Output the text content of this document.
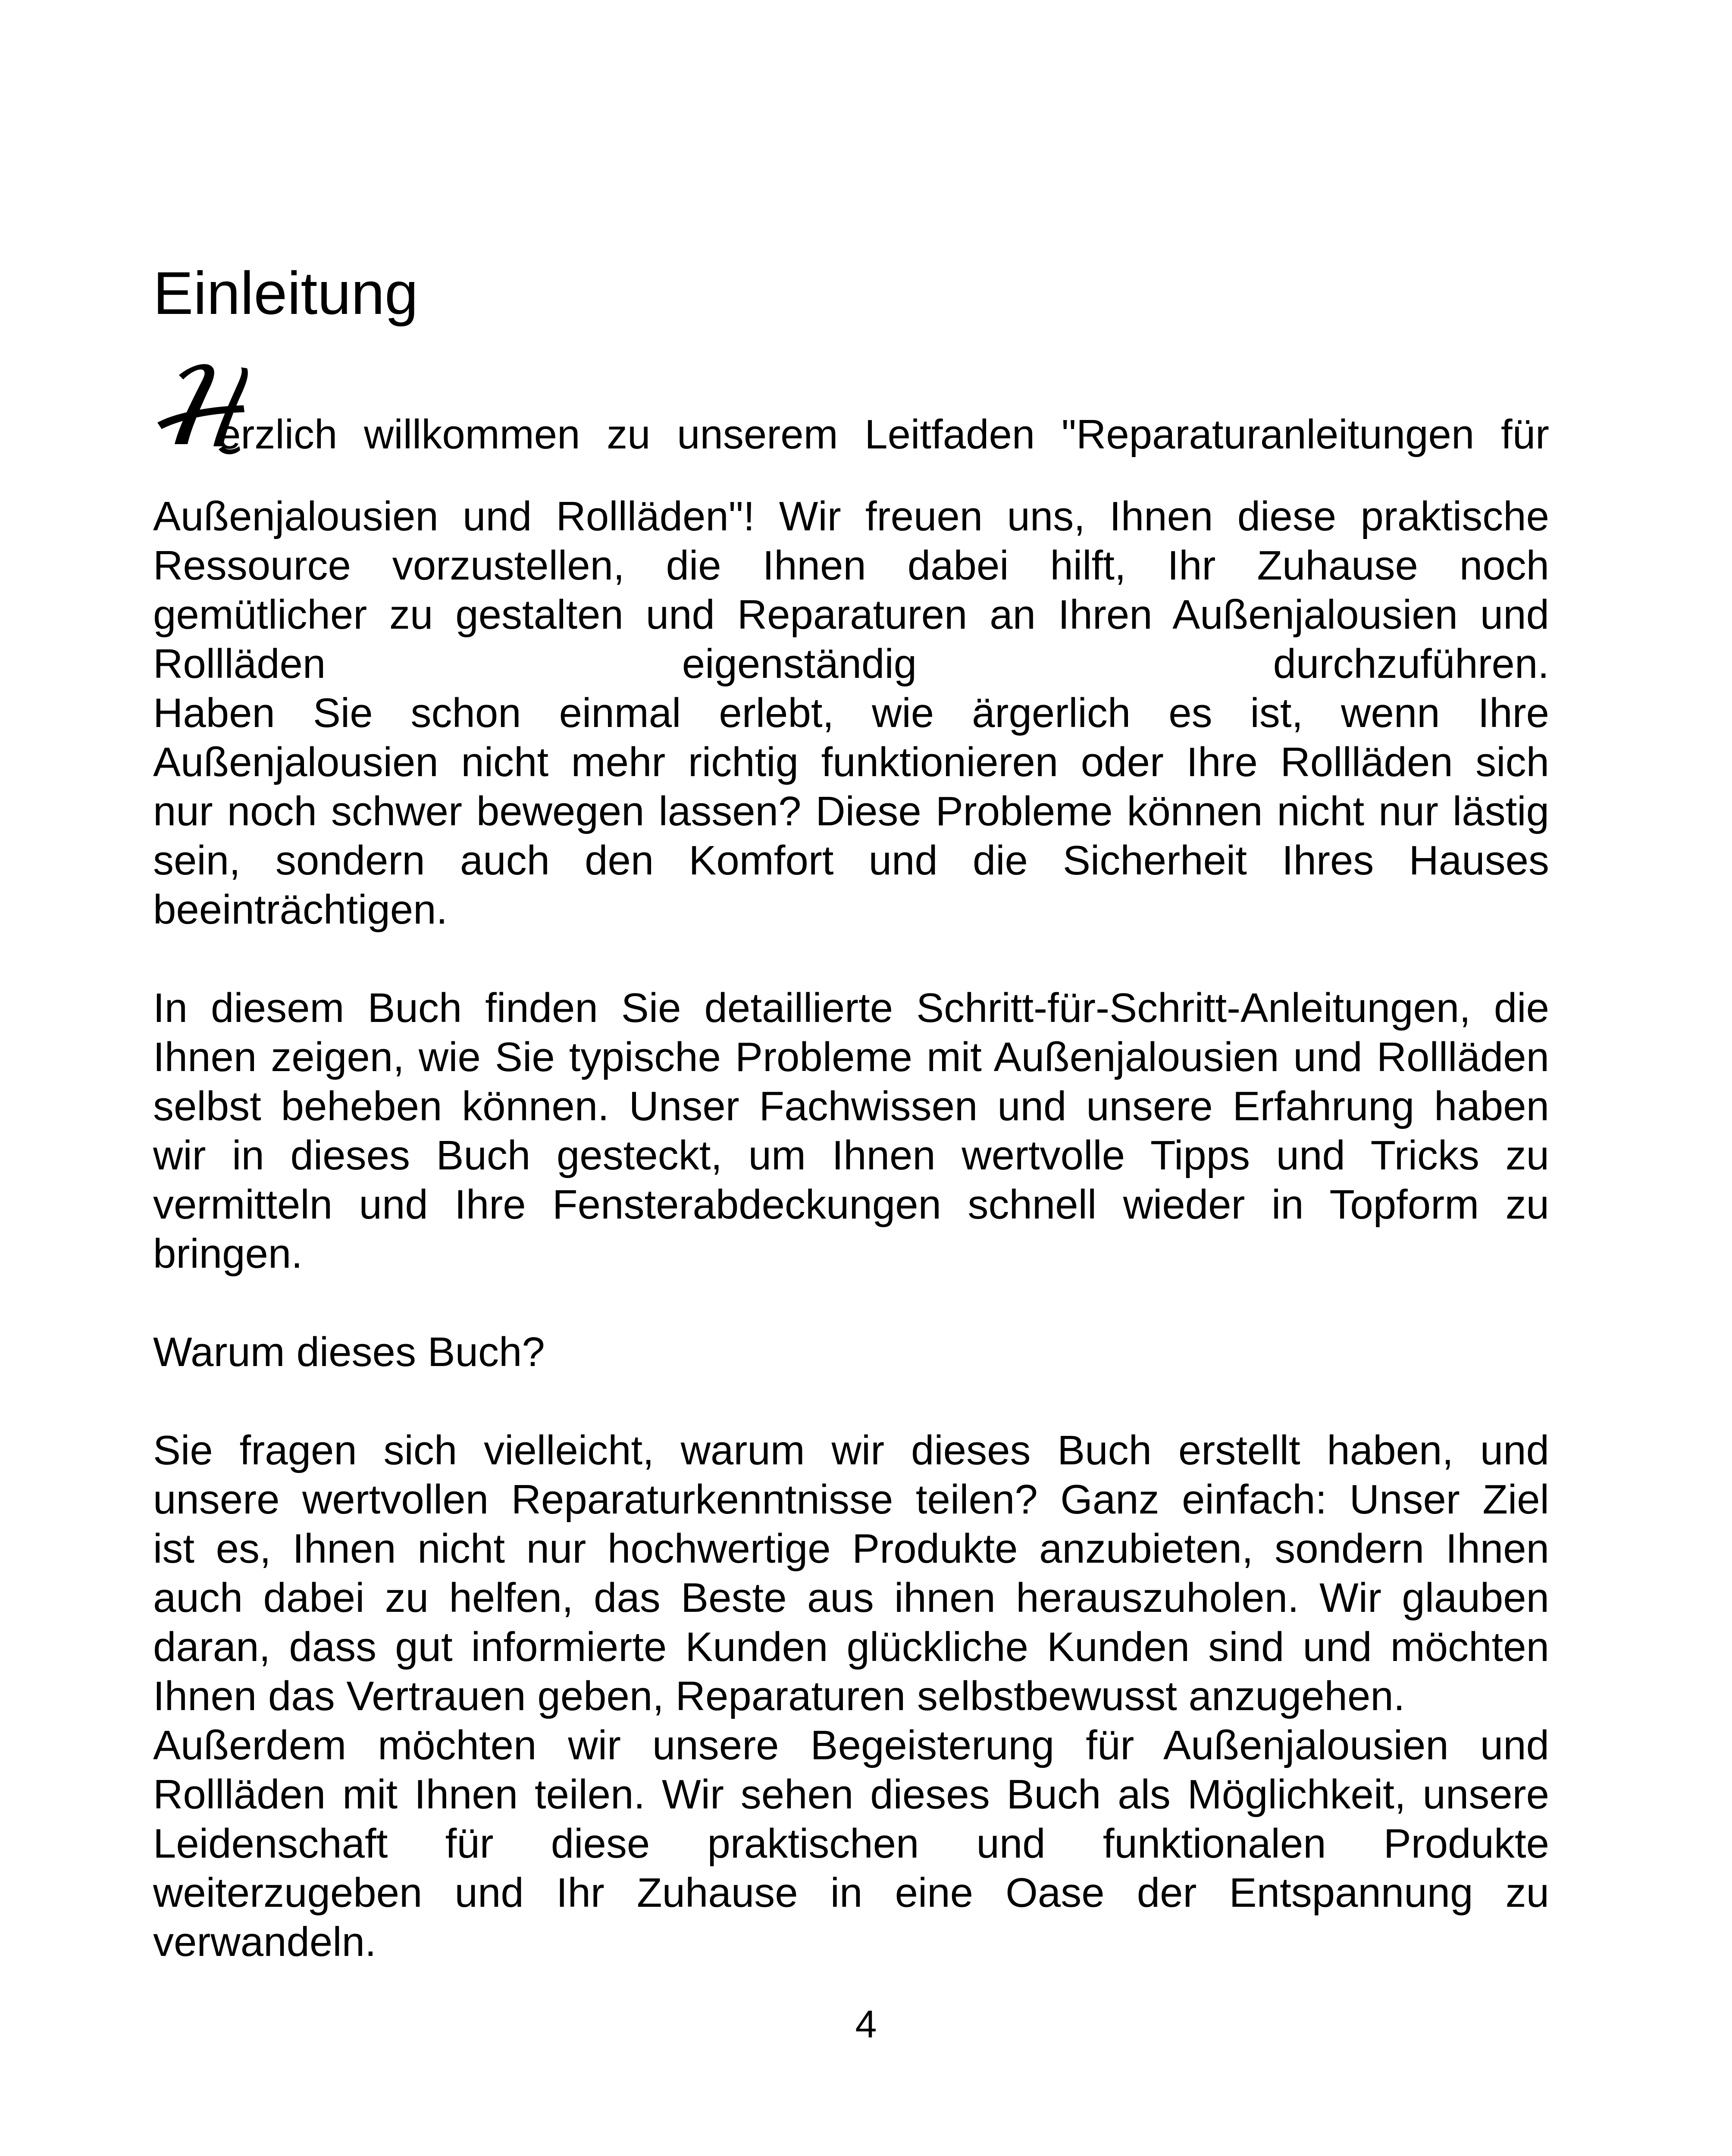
Einleitung
erzlich willkommen zu unserem Leitfaden "Reparaturanleitungen für
Außenjalousien und Rollläden"! Wir freuen uns, Ihnen diese praktische
Ressource vorzustellen, die Ihnen dabei hilft, Ihr Zuhause noch
gemütlicher zu gestalten und Reparaturen an Ihren Außenjalousien und
Rollläden eigenständig durchzuführen.
Haben Sie schon einmal erlebt, wie ärgerlich es ist, wenn Ihre
Außenjalousien nicht mehr richtig funktionieren oder Ihre Rollläden sich
nur noch schwer bewegen lassen? Diese Probleme können nicht nur lästig
sein, sondern auch den Komfort und die Sicherheit Ihres Hauses
beeinträchtigen.
In diesem Buch finden Sie detaillierte Schritt-für-Schritt-Anleitungen, die
Ihnen zeigen, wie Sie typische Probleme mit Außenjalousien und Rollläden
selbst beheben können. Unser Fachwissen und unsere Erfahrung haben
wir in dieses Buch gesteckt, um Ihnen wertvolle Tipps und Tricks zu
vermitteln und Ihre Fensterabdeckungen schnell wieder in Topform zu
bringen.
Warum dieses Buch?
Sie fragen sich vielleicht, warum wir dieses Buch erstellt haben, und
unsere wertvollen Reparaturkenntnisse teilen? Ganz einfach: Unser Ziel
ist es, Ihnen nicht nur hochwertige Produkte anzubieten, sondern Ihnen
auch dabei zu helfen, das Beste aus ihnen herauszuholen. Wir glauben
daran, dass gut informierte Kunden glückliche Kunden sind und möchten
Ihnen das Vertrauen geben, Reparaturen selbstbewusst anzugehen.
Außerdem möchten wir unsere Begeisterung für Außenjalousien und
Rollläden mit Ihnen teilen. Wir sehen dieses Buch als Möglichkeit, unsere
Leidenschaft für diese praktischen und funktionalen Produkte
weiterzugeben und Ihr Zuhause in eine Oase der Entspannung zu
verwandeln.
4
